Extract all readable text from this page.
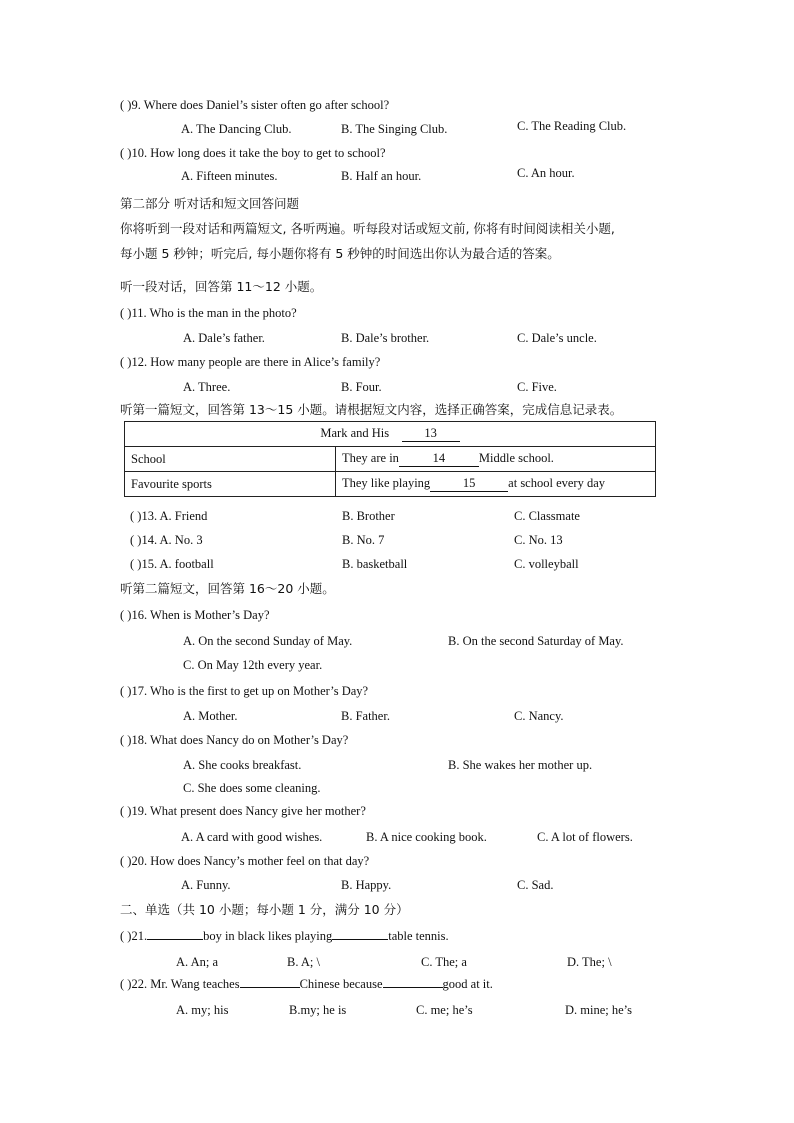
( )9. Where does Daniel’s sister often go after school?
A. The Dancing Club.	B. The Singing Club.	C. The Reading Club.
( )10. How long does it take the boy to get to school?
A. Fifteen minutes.	B. Half an hour.	C. An hour.
第二部分 听对话和短文回答问题
你将听到一段对话和两篇短文, 各听两遍。听每段对话或短文前, 你将有时间阅读相关小题,
每小题 5 秒钟；听完后, 每小题你将有 5 秒钟的时间选出你认为最合适的答案。
听一段对话，回答第 11～12 小题。
( )11. Who is the man in the photo?
A. Dale’s father.	B. Dale’s brother.	C. Dale’s uncle.
( )12. How many people are there in Alice’s family?
A. Three.	B. Four.	C. Five.
听第一篇短文，回答第 13～15 小题。请根据短文内容，选择正确答案，完成信息记录表。
Mark and His 13	
School	They are in 14 Middle school.
Favourite sports	They like playing 15 at school every day
( )13. A. Friend	B. Brother	C. Classmate
( )14. A. No. 3	B. No. 7	C. No. 13
( )15. A. football	B. basketball	C. volleyball
听第二篇短文，回答第 16～20 小题。
( )16. When is Mother’s Day?
A. On the second Sunday of May.	B. On the second Saturday of May.
C. On May 12th every year.
( )17. Who is the first to get up on Mother’s Day?
A. Mother.	B. Father.	C. Nancy.
( )18. What does Nancy do on Mother’s Day?
A. She cooks breakfast.	B. She wakes her mother up.
C. She does some cleaning.
( )19. What present does Nancy give her mother?
A. A card with good wishes.	B. A nice cooking book.	C. A lot of flowers.
( )20. How does Nancy’s mother feel on that day?
A. Funny.	B. Happy.	C. Sad.
二、单选（共 10 小题；每小题 1 分，满分 10 分）
( )21.	boy in black likes playing	table tennis.
A. An; a	B. A; \	C. The; a	D. The; \
( )22. Mr. Wang teaches	Chinese because	good at it.
A. my; his	B.my; he is	C. me; he’s	D. mine; he’s
